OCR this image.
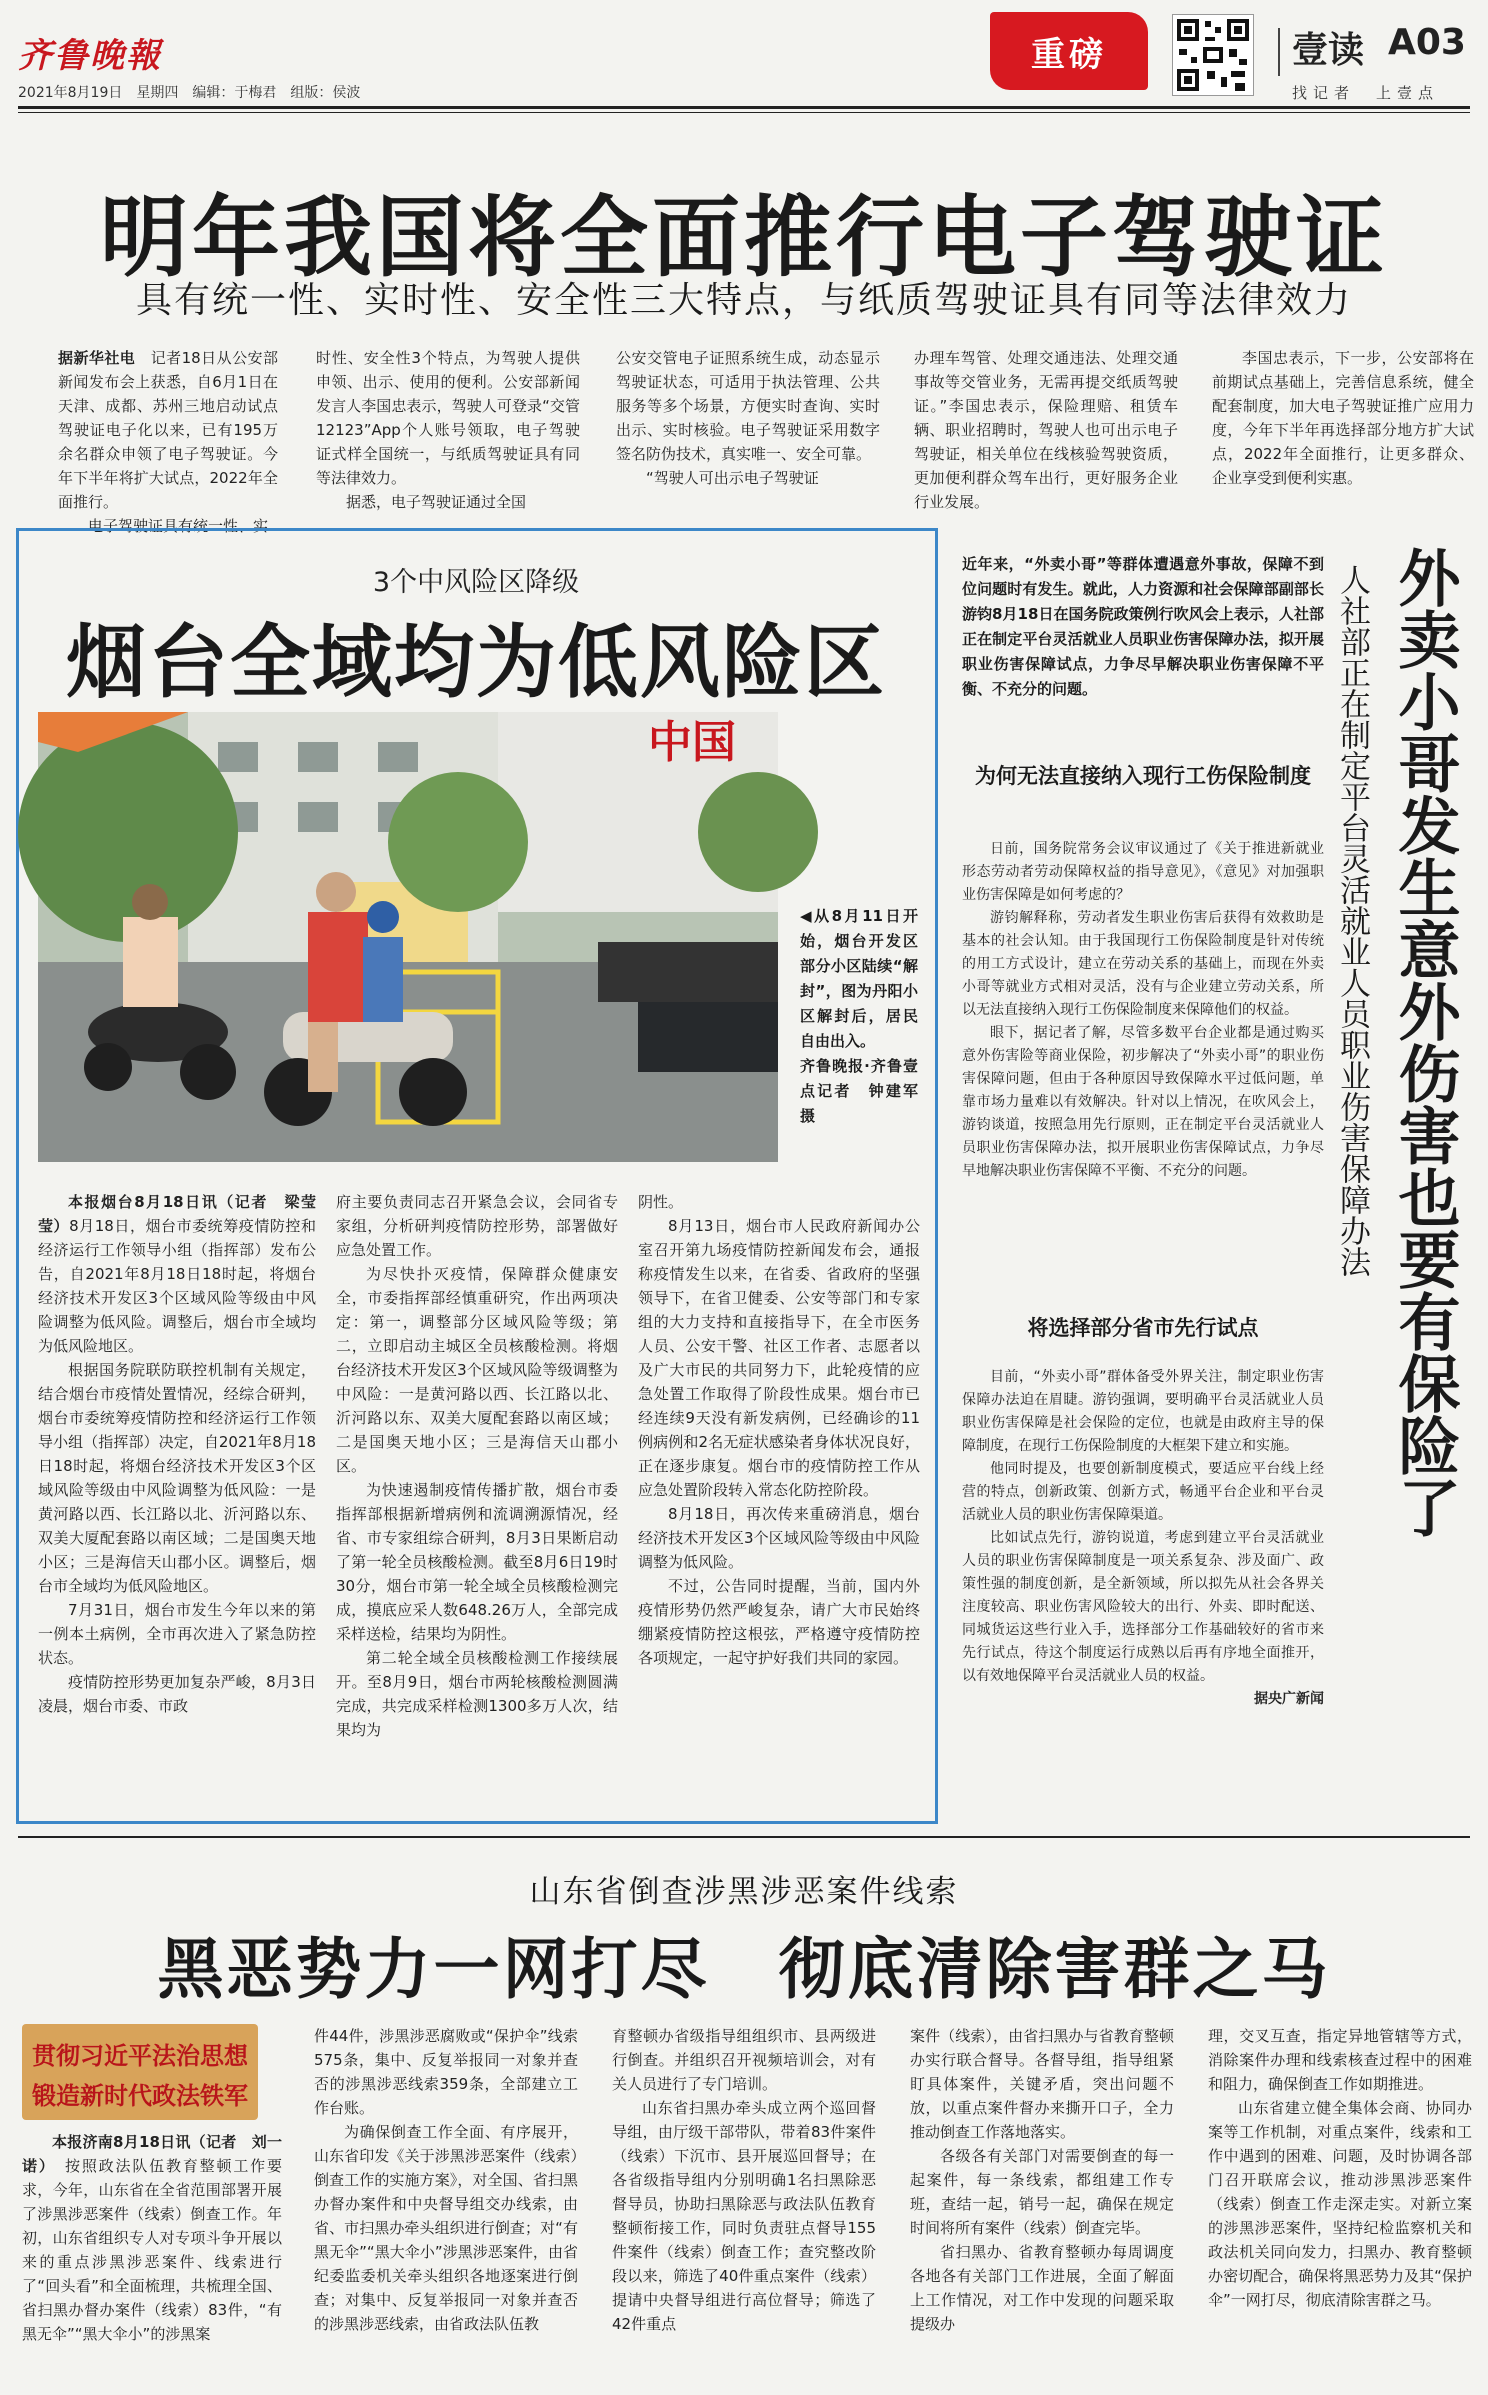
齐鲁晚報
2021年8月19日　 星期四　 编辑：于梅君　 组版：侯波
重磅	壹读 A03
找记者　上壹点
明年我国将全面推行电子驾驶证
具有统一性、实时性、安全性三大特点，与纸质驾驶证具有同等法律效力

据新华社电　 记者18日从公安部新闻发布会上获悉，自6月1日在天津、成都、苏州三地启动试点驾驶证电子化以来，已有195万余名群众申领了电子驾驶证。今年下半年将扩大试点，2022年全面推行。

电子驾驶证具有统一性、实

时性、安全性3个特点，为驾驶人提供申领、出示、使用的便利。公安部新闻发言人李国忠表示，驾驶人可登录“交管12123”App个人账号领取，电子驾驶证式样全国统一，与纸质驾驶证具有同等法律效力。

据悉，电子驾驶证通过全国

公安交管电子证照系统生成，动态显示驾驶证状态，可适用于执法管理、公共服务等多个场景，方便实时查询、实时出示、实时核验。电子驾驶证采用数字签名防伪技术，真实唯一、安全可靠。

“驾驶人可出示电子驾驶证

办理车驾管、处理交通违法、处理交通事故等交管业务，无需再提交纸质驾驶证。”李国忠表示，保险理赔、租赁车辆、职业招聘时，驾驶人也可出示电子驾驶证，相关单位在线核验驾驶资质，更加便利群众驾车出行，更好服务企业行业发展。

李国忠表示，下一步，公安部将在前期试点基础上，完善信息系统，健全配套制度，加大电子驾驶证推广应用力度，今年下半年再选择部分地方扩大试点，2022年全面推行，让更多群众、企业享受到便利实惠。

3个中风险区降级
烟台全域均为低风险区
中国
◀从8月11日开始，烟台开发区部分小区陆续“解封”，图为丹阳小区解封后，居民自由出入。
齐鲁晚报·齐鲁壹点记者　钟建军　摄

本报烟台8月18日讯（记者　梁莹莹）8月18日，烟台市委统筹疫情防控和经济运行工作领导小组（指挥部）发布公告，自2021年8月18日18时起，将烟台经济技术开发区3个区域风险等级由中风险调整为低风险。调整后，烟台市全域均为低风险地区。

根据国务院联防联控机制有关规定，结合烟台市疫情处置情况，经综合研判，烟台市委统筹疫情防控和经济运行工作领导小组（指挥部）决定，自2021年8月18日18时起，将烟台经济技术开发区3个区域风险等级由中风险调整为低风险：一是黄河路以西、长江路以北、沂河路以东、双美大厦配套路以南区域；二是国奥天地小区；三是海信天山郡小区。调整后，烟台市全域均为低风险地区。

7月31日，烟台市发生今年以来的第一例本土病例，全市再次进入了紧急防控状态。

疫情防控形势更加复杂严峻，8月3日凌晨，烟台市委、市政

府主要负责同志召开紧急会议，会同省专家组，分析研判疫情防控形势，部署做好应急处置工作。

为尽快扑灭疫情，保障群众健康安全，市委指挥部经慎重研究，作出两项决定：第一，调整部分区域风险等级；第二，立即启动主城区全员核酸检测。将烟台经济技术开发区3个区域风险等级调整为中风险：一是黄河路以西、长江路以北、沂河路以东、双美大厦配套路以南区域；二是国奥天地小区；三是海信天山郡小区。

为快速遏制疫情传播扩散，烟台市委指挥部根据新增病例和流调溯源情况，经省、市专家组综合研判，8月3日果断启动了第一轮全员核酸检测。截至8月6日19时30分，烟台市第一轮全域全员核酸检测完成，摸底应采人数648.26万人，全部完成采样送检，结果均为阴性。

第二轮全域全员核酸检测工作接续展开。至8月9日，烟台市两轮核酸检测圆满完成，共完成采样检测1300多万人次，结果均为

阴性。

8月13日，烟台市人民政府新闻办公室召开第九场疫情防控新闻发布会，通报称疫情发生以来，在省委、省政府的坚强领导下，在省卫健委、公安等部门和专家组的大力支持和直接指导下，在全市医务人员、公安干警、社区工作者、志愿者以及广大市民的共同努力下，此轮疫情的应急处置工作取得了阶段性成果。烟台市已经连续9天没有新发病例，已经确诊的11例病例和2名无症状感染者身体状况良好，正在逐步康复。烟台市的疫情防控工作从应急处置阶段转入常态化防控阶段。

8月18日，再次传来重磅消息，烟台经济技术开发区3个区域风险等级由中风险调整为低风险。

不过，公告同时提醒，当前，国内外疫情形势仍然严峻复杂，请广大市民始终绷紧疫情防控这根弦，严格遵守疫情防控各项规定，一起守护好我们共同的家园。

外卖小哥发生意外伤害也要有保险了
人社部正在制定平台灵活就业人员职业伤害保障办法
近年来，“外卖小哥”等群体遭遇意外事故，保障不到位问题时有发生。就此，人力资源和社会保障部副部长游钧8月18日在国务院政策例行吹风会上表示，人社部正在制定平台灵活就业人员职业伤害保障办法，拟开展职业伤害保障试点，力争尽早解决职业伤害保障不平衡、不充分的问题。
为何无法直接纳入现行工伤保险制度

日前，国务院常务会议审议通过了《关于推进新就业形态劳动者劳动保障权益的指导意见》，《意见》对加强职业伤害保障是如何考虑的？

游钧解释称，劳动者发生职业伤害后获得有效救助是基本的社会认知。由于我国现行工伤保险制度是针对传统的用工方式设计，建立在劳动关系的基础上，而现在外卖小哥等就业方式相对灵活，没有与企业建立劳动关系，所以无法直接纳入现行工伤保险制度来保障他们的权益。

眼下，据记者了解，尽管多数平台企业都是通过购买意外伤害险等商业保险，初步解决了“外卖小哥”的职业伤害保障问题，但由于各种原因导致保障水平过低问题，单靠市场力量难以有效解决。针对以上情况，在吹风会上，游钧谈道，按照急用先行原则，正在制定平台灵活就业人员职业伤害保障办法，拟开展职业伤害保障试点，力争尽早地解决职业伤害保障不平衡、不充分的问题。

将选择部分省市先行试点

目前，“外卖小哥”群体备受外界关注，制定职业伤害保障办法迫在眉睫。游钧强调，要明确平台灵活就业人员职业伤害保障是社会保险的定位，也就是由政府主导的保障制度，在现行工伤保险制度的大框架下建立和实施。

他同时提及，也要创新制度模式，要适应平台线上经营的特点，创新政策、创新方式，畅通平台企业和平台灵活就业人员的职业伤害保障渠道。

比如试点先行，游钧说道，考虑到建立平台灵活就业人员的职业伤害保障制度是一项关系复杂、涉及面广、政策性强的制度创新，是全新领域，所以拟先从社会各界关注度较高、职业伤害风险较大的出行、外卖、即时配送、同城货运这些行业入手，选择部分工作基础较好的省市来先行试点，待这个制度运行成熟以后再有序地全面推开，以有效地保障平台灵活就业人员的权益。

据央广新闻

山东省倒查涉黑涉恶案件线索
黑恶势力一网打尽　彻底清除害群之马
贯彻习近平法治思想
锻造新时代政法铁军

本报济南8月18日讯（记者　刘一诺）　 按照政法队伍教育整顿工作要求，今年，山东省在全省范围部署开展了涉黑涉恶案件（线索）倒查工作。年初，山东省组织专人对专项斗争开展以来的重点涉黑涉恶案件、线索进行了“回头看”和全面梳理，共梳理全国、省扫黑办督办案件（线索）83件，“有黑无伞”“黑大伞小”的涉黑案

件44件，涉黑涉恶腐败或“保护伞”线索575条，集中、反复举报同一对象并查否的涉黑涉恶线索359条，全部建立工作台账。

为确保倒查工作全面、有序展开，山东省印发《关于涉黑涉恶案件（线索）倒查工作的实施方案》，对全国、省扫黑办督办案件和中央督导组交办线索，由省、市扫黑办牵头组织进行倒查；对“有黑无伞”“黑大伞小”涉黑涉恶案件，由省纪委监委机关牵头组织各地逐案进行倒查；对集中、反复举报同一对象并查否的涉黑涉恶线索，由省政法队伍教

育整顿办省级指导组组织市、县两级进行倒查。并组织召开视频培训会，对有关人员进行了专门培训。

山东省扫黑办牵头成立两个巡回督导组，由厅级干部带队，带着83件案件（线索）下沉市、县开展巡回督导；在各省级指导组内分别明确1名扫黑除恶督导员，协助扫黑除恶与政法队伍教育整顿衔接工作，同时负责驻点督导155件案件（线索）倒查工作；查究整改阶段以来，筛选了40件重点案件（线索）提请中央督导组进行高位督导；筛选了42件重点

案件（线索），由省扫黑办与省教育整顿办实行联合督导。各督导组，指导组紧盯具体案件，关键矛盾，突出问题不放，以重点案件督办来撕开口子，全力推动倒查工作落地落实。

各级各有关部门对需要倒查的每一起案件，每一条线索，都组建工作专班，查结一起，销号一起，确保在规定时间将所有案件（线索）倒查完毕。

省扫黑办、省教育整顿办每周调度各地各有关部门工作进展，全面了解面上工作情况，对工作中发现的问题采取提级办

理，交叉互查，指定异地管辖等方式，消除案件办理和线索核查过程中的困难和阻力，确保倒查工作如期推进。

山东省建立健全集体会商、协同办案等工作机制，对重点案件，线索和工作中遇到的困难、问题，及时协调各部门召开联席会议，推动涉黑涉恶案件（线索）倒查工作走深走实。对新立案的涉黑涉恶案件，坚持纪检监察机关和政法机关同向发力，扫黑办、教育整顿办密切配合，确保将黑恶势力及其“保护伞”一网打尽，彻底清除害群之马。
